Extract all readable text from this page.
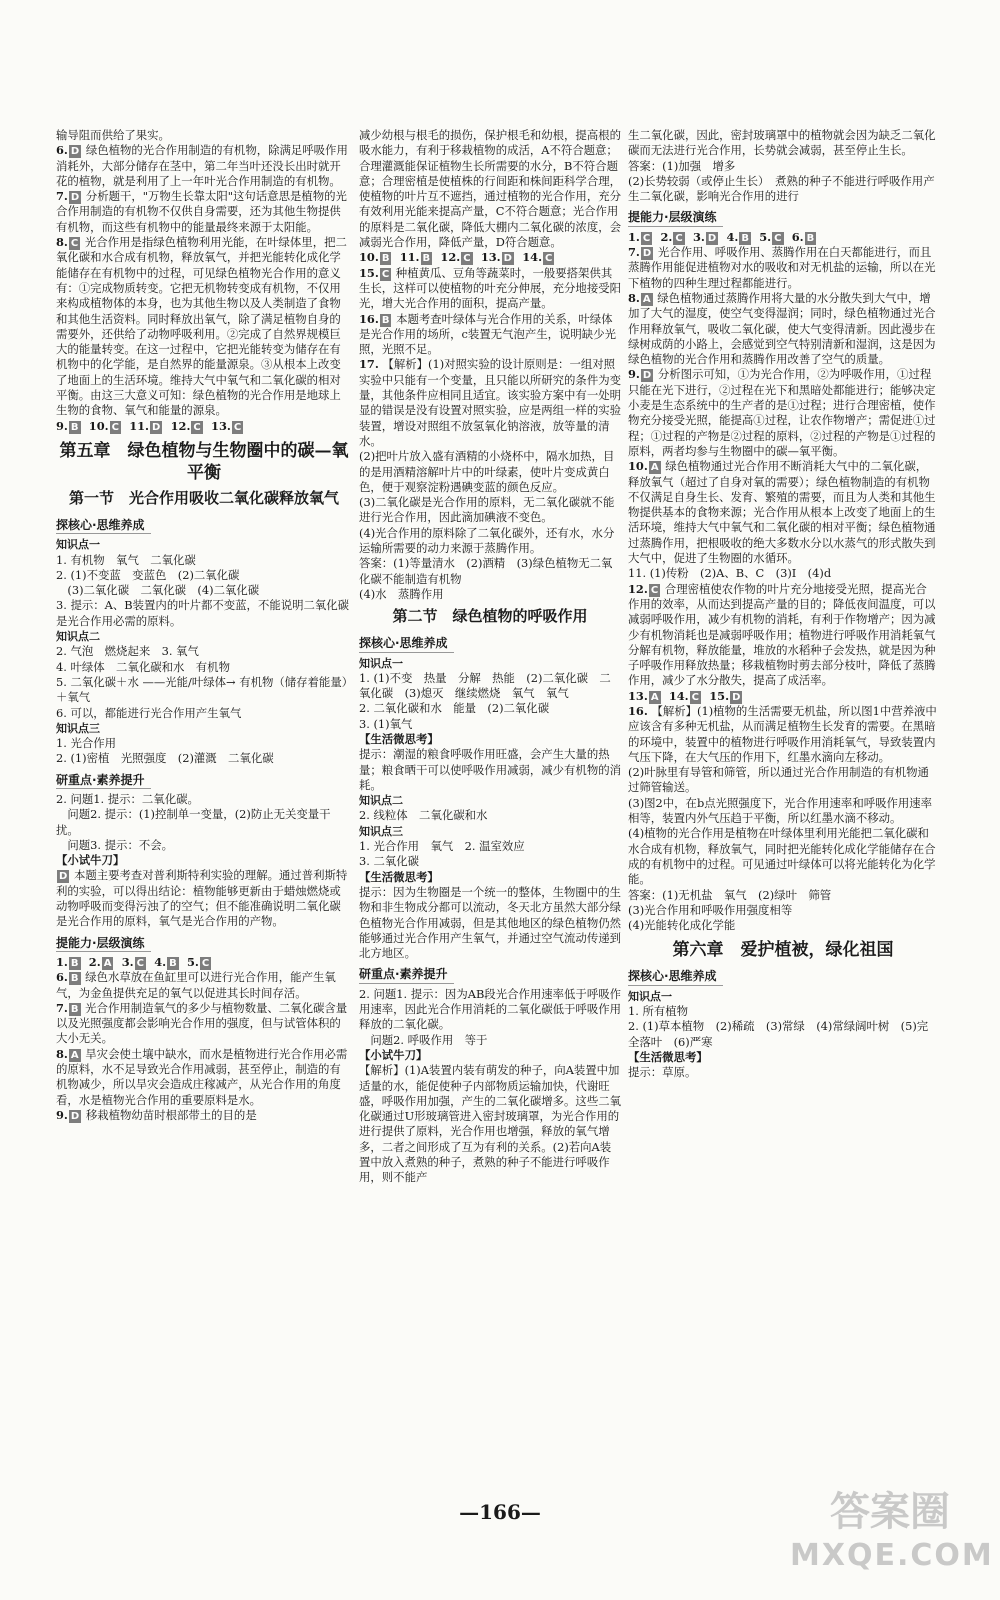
输导阻而供给了果实。
6. D 绿色植物的光合作用制造的有机物，除满足呼吸作用消耗外，大部分储存在茎中，第二年当叶还没长出时就开花的植物，就是利用了上一年叶光合作用制造的有机物。
7. D 分析题干，"万物生长靠太阳"这句话意思是植物的光合作用制造的有机物不仅供自身需要，还为其他生物提供有机物，而这些有机物中的能量最终来源于太阳能。
8. C 光合作用是指绿色植物利用光能，在叶绿体里，把二氧化碳和水合成有机物，释放氧气，并把光能转化成化学能储存在有机物中的过程，可见绿色植物光合作用的意义有：①完成物质转变。它把无机物转变成有机物，不仅用来构成植物体的本身，也为其他生物以及人类制造了食物和其他生活资料。同时释放出氧气，除了满足植物自身的需要外，还供给了动物呼吸利用。②完成了自然界规模巨大的能量转变。在这一过程中，它把光能转变为储存在有机物中的化学能，是自然界的能量源泉。③从根本上改变了地面上的生活环境。维持大气中氧气和二氧化碳的相对平衡。由这三大意义可知：绿色植物的光合作用是地球上生物的食物、氧气和能量的源泉。
9. B 10. C 11. D 12. C 13. C
第五章　绿色植物与生物圈中的碳—氧平衡
第一节　光合作用吸收二氧化碳释放氧气
探核心·思维养成
知识点一
1. 有机物　氧气　二氧化碳
2. (1)不变蓝　变蓝色　(2)二氧化碳
　(3)二氧化碳　二氧化碳　(4)二氧化碳
3. 提示：A、B装置内的叶片都不变蓝，不能说明二氧化碳是光合作用必需的原料。
知识点二
2. 气泡　燃烧起来　3. 氧气
4. 叶绿体　二氧化碳和水　有机物
5. 二氧化碳＋水 ——光能/叶绿体→ 有机物（储存着能量）＋氧气
6. 可以，都能进行光合作用产生氧气
知识点三
1. 光合作用
2. (1)密植　光照强度　(2)灌溉　二氧化碳
研重点·素养提升
2. 问题1. 提示：二氧化碳。
　问题2. 提示：(1)控制单一变量，(2)防止无关变量干扰。
　问题3. 提示：不会。
【小试牛刀】
D 本题主要考查对普利斯特利实验的理解。通过普利斯特利的实验，可以得出结论：植物能够更新由于蜡烛燃烧或动物呼吸而变得污浊了的空气；但不能准确说明二氧化碳是光合作用的原料，氧气是光合作用的产物。
提能力·层级演练
1. B 2. A 3. C 4. B 5. C
6. B 绿色水草放在鱼缸里可以进行光合作用，能产生氧气，为金鱼提供充足的氧气以促进其长时间存活。
7. B 光合作用制造氧气的多少与植物数量、二氧化碳含量以及光照强度都会影响光合作用的强度，但与试管体积的大小无关。
8. A 旱灾会使土壤中缺水，而水是植物进行光合作用必需的原料，水不足导致光合作用减弱，甚至停止，制造的有机物减少，所以旱灾会造成庄稼减产，从光合作用的角度看，水是植物光合作用的重要原料是水。
9. D 移栽植物幼苗时根部带土的目的是
减少幼根与根毛的损伤，保护根毛和幼根，提高根的吸水能力，有利于移栽植物的成活，A不符合题意；合理灌溉能保证植物生长所需要的水分，B不符合题意；合理密植是使植株的行间距和株间距科学合理，使植物的叶片互不遮挡，通过植物的光合作用，充分有效利用光能来提高产量，C不符合题意；光合作用的原料是二氧化碳，降低大棚内二氧化碳的浓度，会减弱光合作用，降低产量，D符合题意。
10. B 11. B 12. C 13. D 14. C
15. C 种植黄瓜、豆角等蔬菜时，一般要搭架供其生长，这样可以使植物的叶充分伸展，充分地接受阳光，增大光合作用的面积，提高产量。
16. B 本题考查叶绿体与光合作用的关系，叶绿体是光合作用的场所，c装置无气泡产生，说明缺少光照，光照不足。
17. 【解析】(1)对照实验的设计原则是：一组对照实验中只能有一个变量，且只能以所研究的条件为变量，其他条件应相同且适宜。该实验方案中有一处明显的错误是没有设置对照实验，应是两组一样的实验装置，增设对照组不放氢氧化钠溶液，放等量的清水。
(2)把叶片放入盛有酒精的小烧杯中，隔水加热，目的是用酒精溶解叶片中的叶绿素，使叶片变成黄白色，便于观察淀粉遇碘变蓝的颜色反应。
(3)二氧化碳是光合作用的原料，无二氧化碳就不能进行光合作用，因此滴加碘液不变色。
(4)光合作用的原料除了二氧化碳外，还有水，水分运输所需要的动力来源于蒸腾作用。
答案：(1)等量清水　(2)酒精　(3)绿色植物无二氧化碳不能制造有机物
(4)水　蒸腾作用
第二节　绿色植物的呼吸作用
探核心·思维养成
知识点一
1. (1)不变　热量　分解　热能　(2)二氧化碳　二氧化碳　(3)熄灭　继续燃烧　氧气　氧气
2. 二氧化碳和水　能量　(2)二氧化碳
3. (1)氧气
【生活微思考】
提示：潮湿的粮食呼吸作用旺盛，会产生大量的热量；粮食晒干可以使呼吸作用减弱，减少有机物的消耗。
知识点二
2. 线粒体　二氧化碳和水
知识点三
1. 光合作用　氧气　2. 温室效应
3. 二氧化碳
【生活微思考】
提示：因为生物圈是一个统一的整体，生物圈中的生物和非生物成分都可以流动，冬天北方虽然大部分绿色植物光合作用减弱，但是其他地区的绿色植物仍然能够通过光合作用产生氧气，并通过空气流动传递到北方地区。
研重点·素养提升
2. 问题1. 提示：因为AB段光合作用速率低于呼吸作用速率，因此光合作用消耗的二氧化碳低于呼吸作用释放的二氧化碳。
　问题2. 呼吸作用　等于
【小试牛刀】
【解析】(1)A装置内装有萌发的种子，向A装置中加适量的水，能促使种子内部物质运输加快，代谢旺盛，呼吸作用加强，产生的二氧化碳增多。这些二氧化碳通过U形玻璃管进入密封玻璃罩，为光合作用的进行提供了原料，光合作用也增强，释放的氧气增多，二者之间形成了互为有利的关系。(2)若向A装置中放入煮熟的种子，煮熟的种子不能进行呼吸作用，则不能产
生二氧化碳，因此，密封玻璃罩中的植物就会因为缺乏二氧化碳而无法进行光合作用，长势就会减弱，甚至停止生长。
答案：(1)加强　增多
(2)长势较弱（或停止生长）　煮熟的种子不能进行呼吸作用产生二氧化碳，影响光合作用的进行
提能力·层级演练
1. C 2. C 3. D 4. B 5. C 6. B
7. D 光合作用、呼吸作用、蒸腾作用在白天都能进行，而且蒸腾作用能促进植物对水的吸收和对无机盐的运输，所以在光下植物的四种生理过程都能进行。
8. A 绿色植物通过蒸腾作用将大量的水分散失到大气中，增加了大气的湿度，使空气变得湿润；同时，绿色植物通过光合作用释放氧气，吸收二氧化碳，使大气变得清新。因此漫步在绿树成荫的小路上，会感觉到空气特别清新和湿润，这是因为绿色植物的光合作用和蒸腾作用改善了空气的质量。
9. D 分析图示可知，①为光合作用，②为呼吸作用，①过程只能在光下进行，②过程在光下和黑暗处都能进行；能够决定小麦是生态系统中的生产者的是①过程；进行合理密植，使作物充分接受光照，能提高①过程，让农作物增产；需促进①过程；①过程的产物是②过程的原料，②过程的产物是①过程的原料，两者均参与生物圈中的碳—氧平衡。
10. A 绿色植物通过光合作用不断消耗大气中的二氧化碳，释放氧气（超过了自身对氧的需要）；绿色植物制造的有机物不仅满足自身生长、发育、繁殖的需要，而且为人类和其他生物提供基本的食物来源；光合作用从根本上改变了地面上的生活环境，维持大气中氧气和二氧化碳的相对平衡；绿色植物通过蒸腾作用，把根吸收的绝大多数水分以水蒸气的形式散失到大气中，促进了生物圈的水循环。
11. (1)传粉　(2)A、B、C　(3)Ⅰ　(4)d
12. C 合理密植使农作物的叶片充分地接受光照，提高光合作用的效率，从而达到提高产量的目的；降低夜间温度，可以减弱呼吸作用，减少有机物的消耗，有利于作物增产；因为减少有机物消耗也是减弱呼吸作用；植物进行呼吸作用消耗氧气分解有机物，释放能量，堆放的水稻种子会发热，就是因为种子呼吸作用释放热量；移栽植物时剪去部分枝叶，降低了蒸腾作用，减少了水分散失，提高了成活率。
13. A 14. C 15. D
16. 【解析】(1)植物的生活需要无机盐，所以图1中营养液中应该含有多种无机盐，从而满足植物生长发育的需要。在黑暗的环境中，装置中的植物进行呼吸作用消耗氧气，导致装置内气压下降，在大气压的作用下，红墨水滴向左移动。
(2)叶脉里有导管和筛管，所以通过光合作用制造的有机物通过筛管输送。
(3)图2中，在b点光照强度下，光合作用速率和呼吸作用速率相等，装置内外气压趋于平衡，所以红墨水滴不移动。
(4)植物的光合作用是植物在叶绿体里利用光能把二氧化碳和水合成有机物，释放氧气，同时把光能转化成化学能储存在合成的有机物中的过程。可见通过叶绿体可以将光能转化为化学能。
答案：(1)无机盐　氧气　(2)绿叶　筛管
(3)光合作用和呼吸作用强度相等
(4)光能转化成化学能
第六章　爱护植被，绿化祖国
探核心·思维养成
知识点一
1. 所有植物
2. (1)草本植物　(2)稀疏　(3)常绿　(4)常绿阔叶树　(5)完全落叶　(6)严寒
【生活微思考】
提示：草原。
—166—	答案圈
MXQE.COM
